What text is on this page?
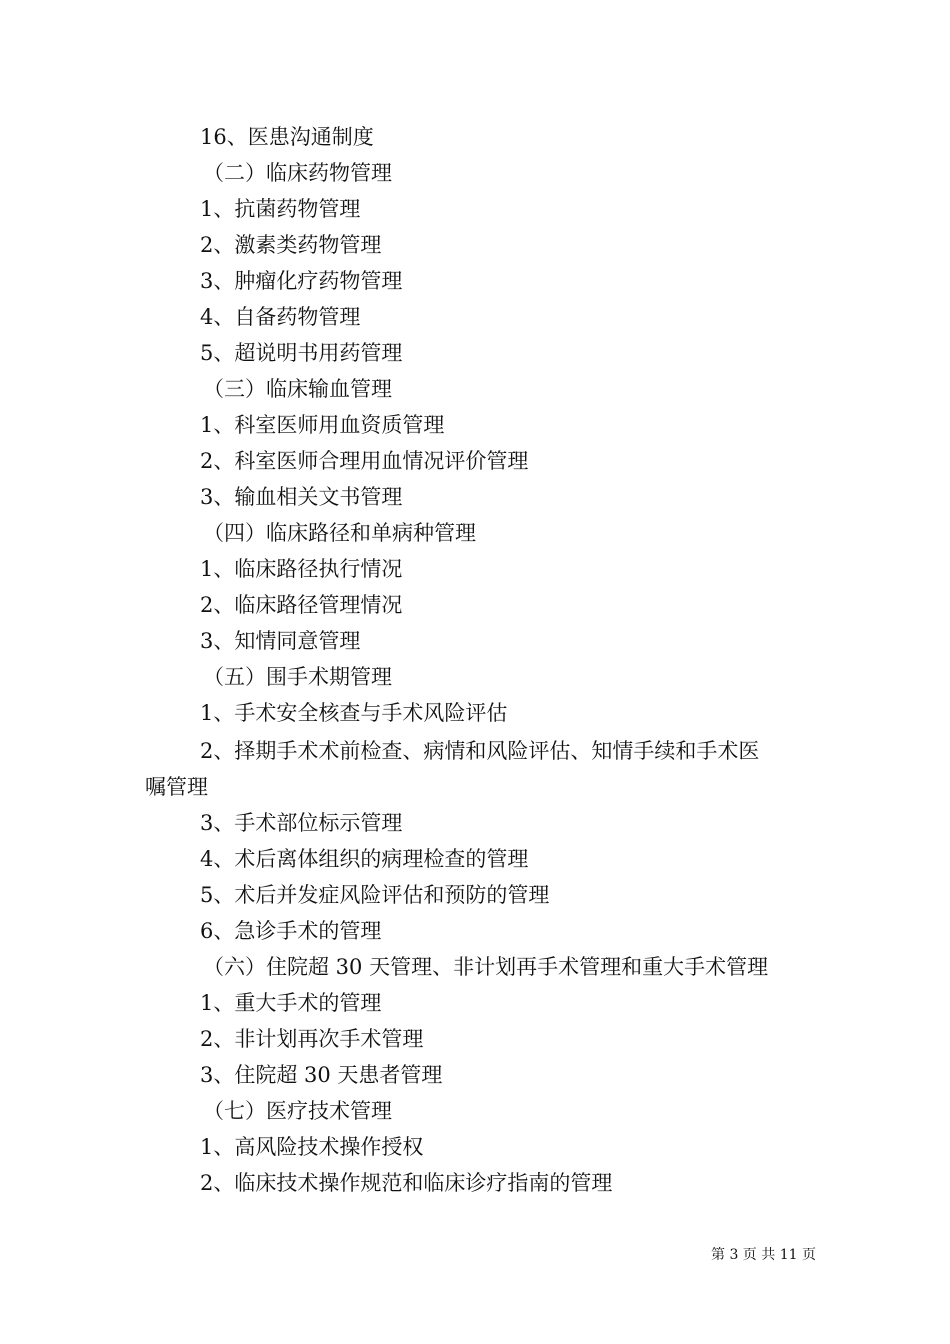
16、医患沟通制度
（二）临床药物管理
1、抗菌药物管理
2、激素类药物管理
3、肿瘤化疗药物管理
4、自备药物管理
5、超说明书用药管理
（三）临床输血管理
1、科室医师用血资质管理
2、科室医师合理用血情况评价管理
3、输血相关文书管理
（四）临床路径和单病种管理
1、临床路径执行情况
2、临床路径管理情况
3、知情同意管理
（五）围手术期管理
1、手术安全核查与手术风险评估
2、择期手术术前检查、病情和风险评估、知情手续和手术医
嘱管理
3、手术部位标示管理
4、术后离体组织的病理检查的管理
5、术后并发症风险评估和预防的管理
6、急诊手术的管理
（六）住院超 30 天管理、非计划再手术管理和重大手术管理
1、重大手术的管理
2、非计划再次手术管理
3、住院超 30 天患者管理
（七）医疗技术管理
1、高风险技术操作授权
2、临床技术操作规范和临床诊疗指南的管理
第 3 页 共 11 页
